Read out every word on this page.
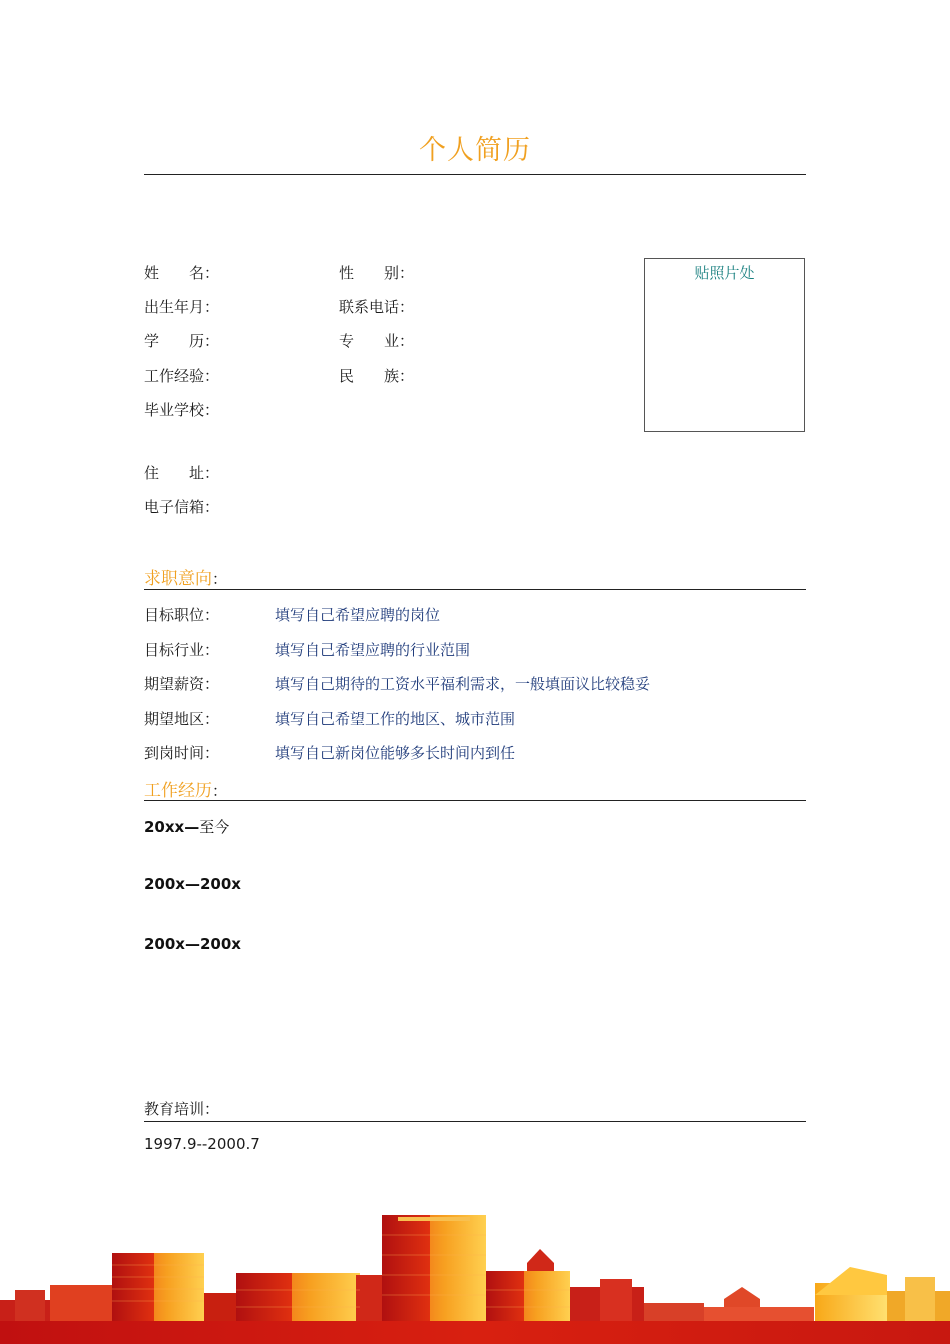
个人简历
姓　　名：	性　　别：
出生年月：	联系电话：
学　　历：	专　　业：
工作经验：	民　　族：
毕业学校：
住　　址：
电子信箱：
贴照片处
求职意向：
目标职位：	填写自己希望应聘的岗位
目标行业：	填写自己希望应聘的行业范围
期望薪资：	填写自己期待的工资水平福利需求，一般填面议比较稳妥
期望地区：	填写自己希望工作的地区、城市范围
到岗时间：	填写自己新岗位能够多长时间内到任
工作经历：
20xx—至今
200x—200x
200x—200x
教育培训：
1997.9--2000.7
